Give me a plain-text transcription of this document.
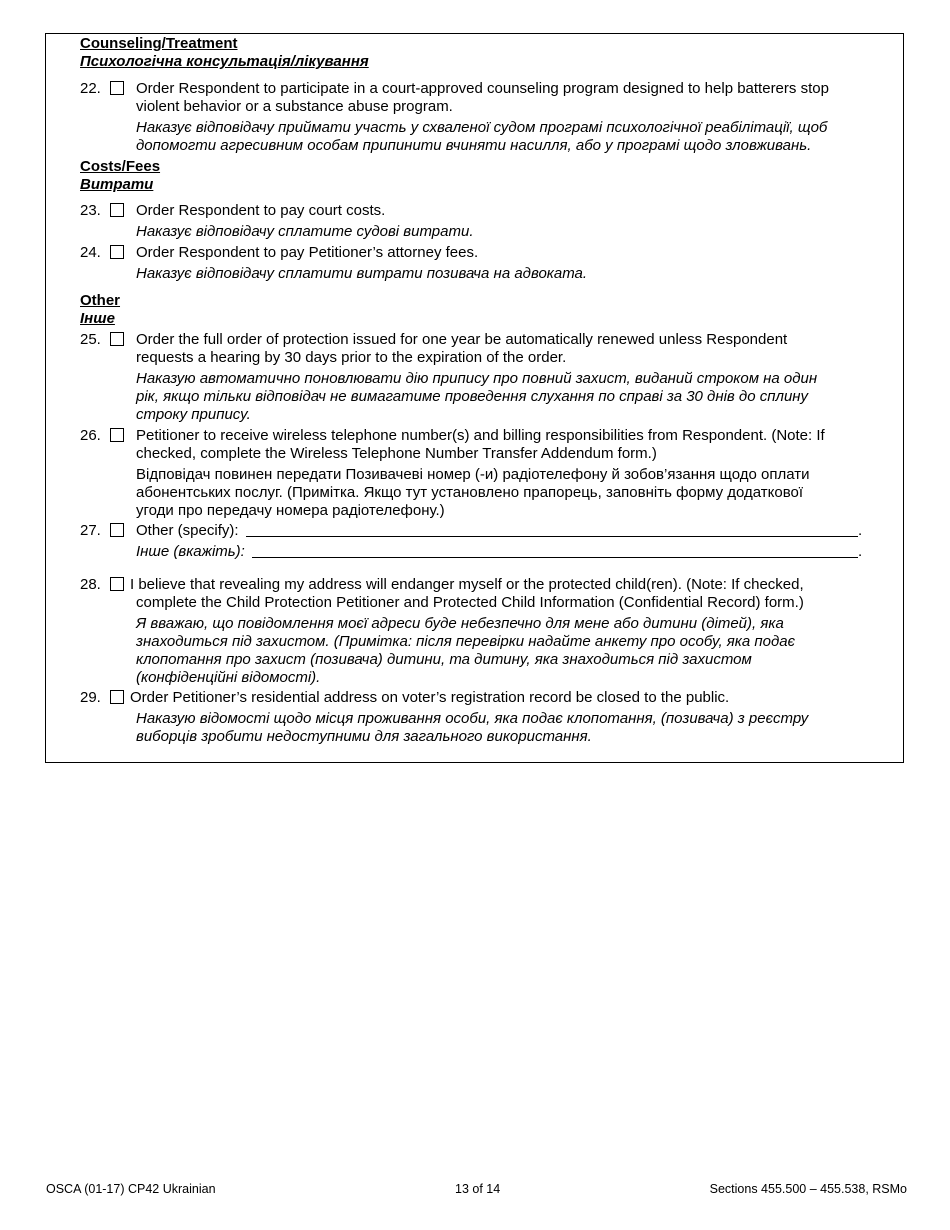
Counseling/Treatment
Психологічна консультація/лікування
22. Order Respondent to participate in a court-approved counseling program designed to help batterers stop
violent behavior or a substance abuse program.
Наказує відповідачу приймати участь у схваленої судом програмі психологічної реабілітації, щоб
допомогти агресивним особам припинити вчиняти насилля, або у програмі щодо зловживань.
Costs/Fees
Витрати
23. Order Respondent to pay court costs.
Наказує відповідачу сплатите судові витрати.
24. Order Respondent to pay Petitioner’s attorney fees.
Наказує відповідачу сплатити витрати позивача на адвоката.
Other
Інше
25. Order the full order of protection issued for one year be automatically renewed unless Respondent
requests a hearing by 30 days prior to the expiration of the order.
Наказую автоматично поновлювати дію припису про повний захист, виданий строком на один
рік, якщо тільки відповідач не вимагатиме проведення слухання по справі за 30 днів до сплину
строку припису.
26. Petitioner to receive wireless telephone number(s) and billing responsibilities from Respondent. (Note: If
checked, complete the Wireless Telephone Number Transfer Addendum form.)
Відповідач повинен передати Позивачеві номер (-и) радіотелефону й зобов’язання щодо оплати
абонентських послуг. (Примітка. Якщо тут установлено прапорець, заповніть форму додаткової
угоди про передачу номера радіотелефону.)
27. Other (specify):	.
Інше (вкажіть):	.
28. I believe that revealing my address will endanger myself or the protected child(ren). (Note: If checked,
complete the Child Protection Petitioner and Protected Child Information (Confidential Record) form.)
Я вважаю, що повідомлення моєї адреси буде небезпечно для мене або дитини (дітей), яка
знаходиться під захистом. (Примітка: після перевірки надайте анкету про особу, яка подає
клопотання про захист (позивача) дитини, та дитину, яка знаходиться під захистом
(конфіденційні відомості).
29. Order Petitioner’s residential address on voter’s registration record be closed to the public.
Наказую відомості щодо місця проживання особи, яка подає клопотання, (позивача) з реєстру
виборців зробити недоступними для загального використання.
OSCA (01-17) CP42 Ukrainian	13 of 14	Sections 455.500 – 455.538, RSMo
